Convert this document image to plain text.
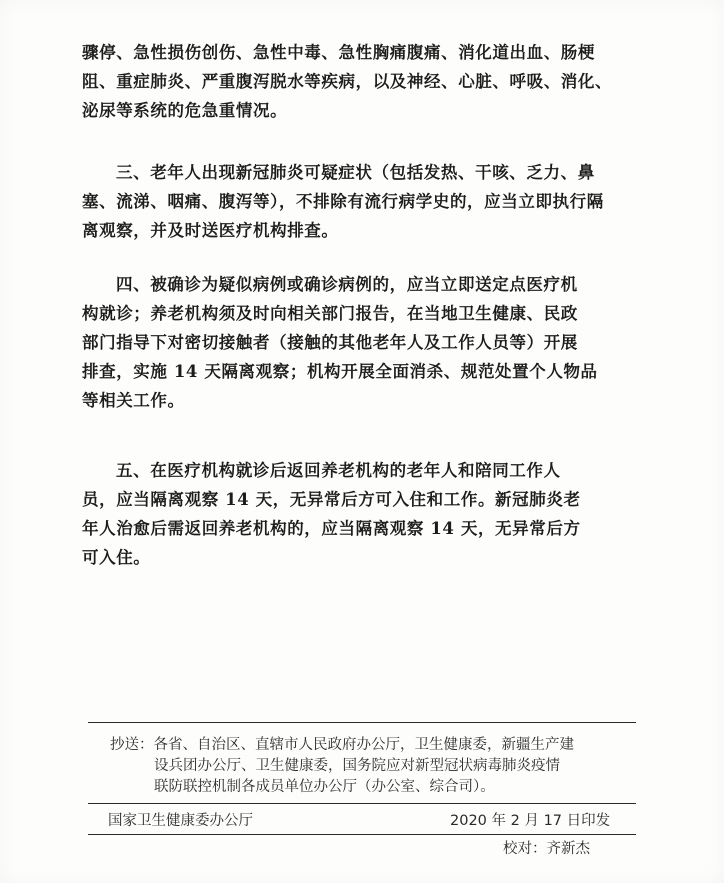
骤停、急性损伤创伤、急性中毒、急性胸痛腹痛、消化道出血、肠梗
阻、重症肺炎、严重腹泻脱水等疾病，以及神经、心脏、呼吸、消化、
泌尿等系统的危急重情况。

三、老年人出现新冠肺炎可疑症状（包括发热、干咳、乏力、鼻
塞、流涕、咽痛、腹泻等），不排除有流行病学史的，应当立即执行隔
离观察，并及时送医疗机构排查。

四、被确诊为疑似病例或确诊病例的，应当立即送定点医疗机
构就诊；养老机构须及时向相关部门报告，在当地卫生健康、民政
部门指导下对密切接触者（接触的其他老年人及工作人员等）开展
排查，实施 14 天隔离观察；机构开展全面消杀、规范处置个人物品
等相关工作。

五、在医疗机构就诊后返回养老机构的老年人和陪同工作人
员，应当隔离观察 14 天，无异常后方可入住和工作。新冠肺炎老
年人治愈后需返回养老机构的，应当隔离观察 14 天，无异常后方
可入住。

抄送：各省、自治区、直辖市人民政府办公厅，卫生健康委，新疆生产建
设兵团办公厅、卫生健康委，国务院应对新型冠状病毒肺炎疫情
联防联控机制各成员单位办公厅（办公室、综合司）。
国家卫生健康委办公厅	2020 年 2 月 17 日印发
校对：齐新杰
